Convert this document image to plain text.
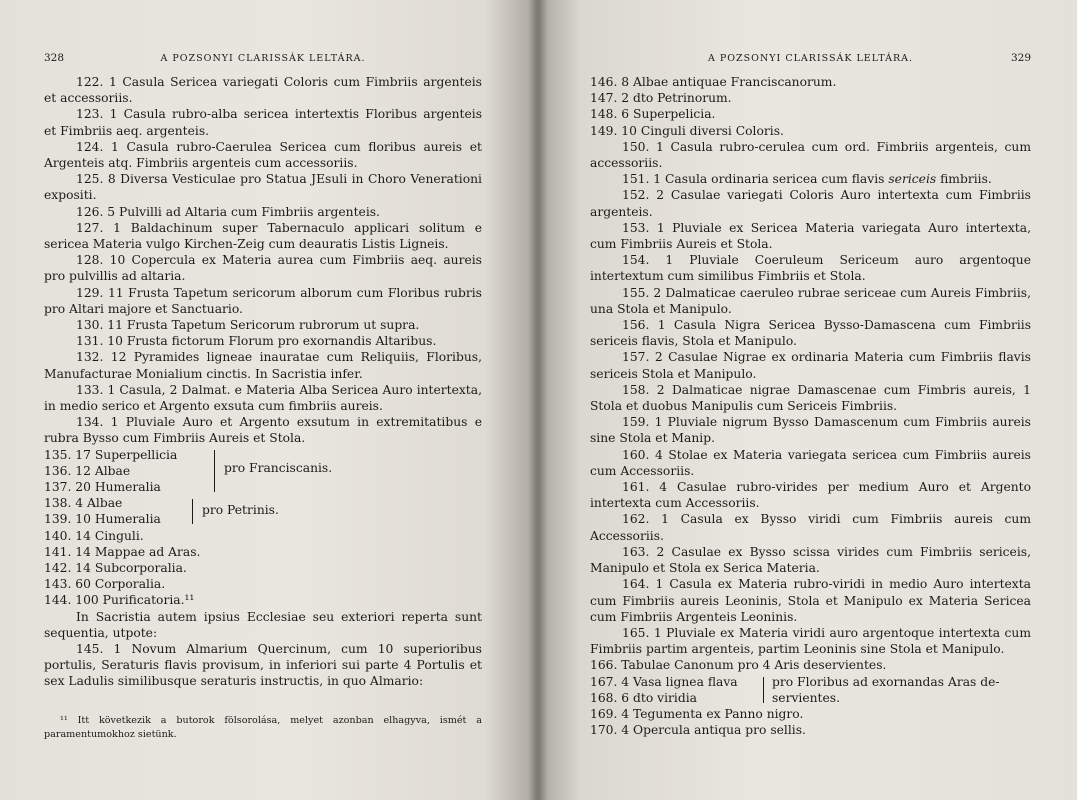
328	A POZSONYI CLARISSÁK LELTÁRA.

122. 1 Casula Sericea variegati Coloris cum Fimbriis argenteis et accessoriis.

123. 1 Casula rubro-alba sericea intertextis Floribus argenteis et Fimbriis aeq. argenteis.

124. 1 Casula rubro-Caerulea Sericea cum floribus aureis et Argenteis atq. Fimbriis argenteis cum accessoriis.

125. 8 Diversa Vesticulae pro Statua JEsuli in Choro Venerationi expositi.

126. 5 Pulvilli ad Altaria cum Fimbriis argenteis.

127. 1 Baldachinum super Tabernaculo applicari solitum e sericea Materia vulgo Kirchen-Zeig cum deauratis Listis Ligneis.

128. 10 Copercula ex Materia aurea cum Fimbriis aeq. aureis pro pulvillis ad altaria.

129. 11 Frusta Tapetum sericorum alborum cum Floribus rubris pro Altari majore et Sanctuario.

130. 11 Frusta Tapetum Sericorum rubrorum ut supra.

131. 10 Frusta fictorum Florum pro exornandis Altaribus.

132. 12 Pyramides ligneae inauratae cum Reliquiis, Floribus, Manufacturae Monialium cinctis. In Sacristia infer.

133. 1 Casula, 2 Dalmat. e Materia Alba Sericea Auro intertexta, in medio serico et Argento exsuta cum fimbriis aureis.

134. 1 Pluviale Auro et Argento exsutum in extremitatibus e rubra Bysso cum Fimbriis Aureis et Stola.

135. 17 Superpellicia

136. 12 Albae

137. 20 Humeralia

pro Franciscanis.

138. 4 Albae

139. 10 Humeralia

pro Petrinis.

140. 14 Cinguli.

141. 14 Mappae ad Aras.

142. 14 Subcorporalia.

143. 60 Corporalia.

144. 100 Purificatoria.¹¹

In Sacristia autem ipsius Ecclesiae seu exteriori reperta sunt sequentia, utpote:

145. 1 Novum Almarium Quercinum, cum 10 superioribus portulis, Seraturis flavis provisum, in inferiori sui parte 4 Portulis et sex Ladulis similibusque seraturis instructis, in quo Almario:

¹¹ Itt következik a butorok fölsorolása, melyet azonban elhagyva, ismét a paramentumokhoz sietünk.

A POZSONYI CLARISSÁK LELTÁRA.	329

146. 8 Albae antiquae Franciscanorum.

147. 2 dto Petrinorum.

148. 6 Superpelicia.

149. 10 Cinguli diversi Coloris.

150. 1 Casula rubro-cerulea cum ord. Fimbriis argenteis, cum accessoriis.

151. 1 Casula ordinaria sericea cum flavis sericeis fimbriis.

152. 2 Casulae variegati Coloris Auro intertexta cum Fimbriis argenteis.

153. 1 Pluviale ex Sericea Materia variegata Auro intertexta, cum Fimbriis Aureis et Stola.

154. 1 Pluviale Coeruleum Sericeum auro argentoque intertextum cum similibus Fimbriis et Stola.

155. 2 Dalmaticae caeruleo rubrae sericeae cum Aureis Fimbriis, una Stola et Manipulo.

156. 1 Casula Nigra Sericea Bysso-Damascena cum Fimbriis sericeis flavis, Stola et Manipulo.

157. 2 Casulae Nigrae ex ordinaria Materia cum Fimbriis flavis sericeis Stola et Manipulo.

158. 2 Dalmaticae nigrae Damascenae cum Fimbris aureis, 1 Stola et duobus Manipulis cum Sericeis Fimbriis.

159. 1 Pluviale nigrum Bysso Damascenum cum Fimbriis aureis sine Stola et Manip.

160. 4 Stolae ex Materia variegata sericea cum Fimbriis aureis cum Accessoriis.

161. 4 Casulae rubro-virides per medium Auro et Argento intertexta cum Accessoriis.

162. 1 Casula ex Bysso viridi cum Fimbriis aureis cum Accessoriis.

163. 2 Casulae ex Bysso scissa virides cum Fimbriis sericeis, Manipulo et Stola ex Serica Materia.

164. 1 Casula ex Materia rubro-viridi in medio Auro intertexta cum Fimbriis aureis Leoninis, Stola et Manipulo ex Materia Sericea cum Fimbriis Argenteis Leoninis.

165. 1 Pluviale ex Materia viridi auro argentoque intertexta cum Fimbriis partim argenteis, partim Leoninis sine Stola et Manipulo.

166. Tabulae Canonum pro 4 Aris deservientes.

167. 4 Vasa lignea flava

168. 6 dto viridia

pro Floribus ad exornandas Aras de-
servientes.

169. 4 Tegumenta ex Panno nigro.

170. 4 Opercula antiqua pro sellis.
